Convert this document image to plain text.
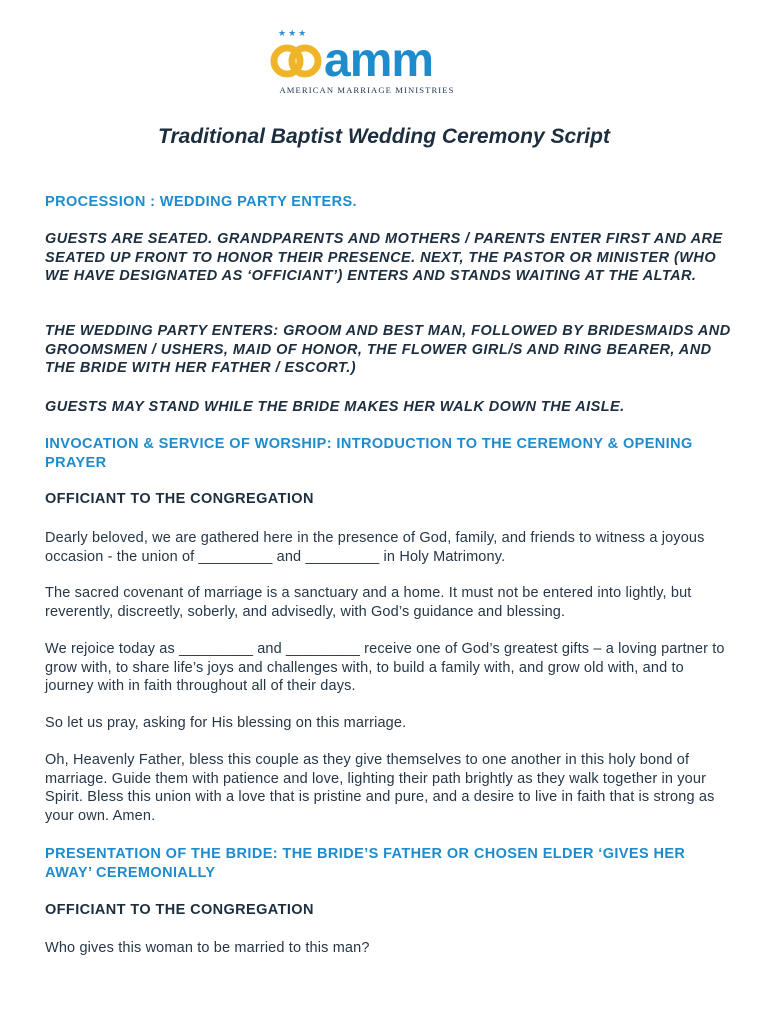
★★★ amm
AMERICAN MARRIAGE MINISTRIES
Traditional Baptist Wedding Ceremony Script

PROCESSION : WEDDING PARTY ENTERS.

GUESTS ARE SEATED. GRANDPARENTS AND MOTHERS / PARENTS ENTER FIRST AND ARE SEATED UP FRONT TO HONOR THEIR PRESENCE. NEXT, THE PASTOR OR MINISTER (WHO WE HAVE DESIGNATED AS ‘OFFICIANT’) ENTERS AND STANDS WAITING AT THE ALTAR.

THE WEDDING PARTY ENTERS: GROOM AND BEST MAN, FOLLOWED BY BRIDESMAIDS AND GROOMSMEN / USHERS, MAID OF HONOR, THE FLOWER GIRL/S AND RING BEARER, AND THE BRIDE WITH HER FATHER / ESCORT.)

GUESTS MAY STAND WHILE THE BRIDE MAKES HER WALK DOWN THE AISLE.

INVOCATION & SERVICE OF WORSHIP: INTRODUCTION TO THE CEREMONY & OPENING PRAYER

OFFICIANT TO THE CONGREGATION

Dearly beloved, we are gathered here in the presence of God, family, and friends to witness a joyous occasion - the union of _________ and _________ in Holy Matrimony.

The sacred covenant of marriage is a sanctuary and a home. It must not be entered into lightly, but reverently, discreetly, soberly, and advisedly, with God’s guidance and blessing.

We rejoice today as _________ and _________ receive one of God’s greatest gifts – a loving partner to grow with, to share life’s joys and challenges with, to build a family with, and grow old with, and to journey with in faith throughout all of their days.

So let us pray, asking for His blessing on this marriage.

Oh, Heavenly Father, bless this couple as they give themselves to one another in this holy bond of marriage. Guide them with patience and love, lighting their path brightly as they walk together in your Spirit. Bless this union with a love that is pristine and pure, and a desire to live in faith that is strong as your own. Amen.

PRESENTATION OF THE BRIDE: THE BRIDE’S FATHER OR CHOSEN ELDER ‘GIVES HER AWAY’ CEREMONIALLY

OFFICIANT TO THE CONGREGATION

Who gives this woman to be married to this man?
